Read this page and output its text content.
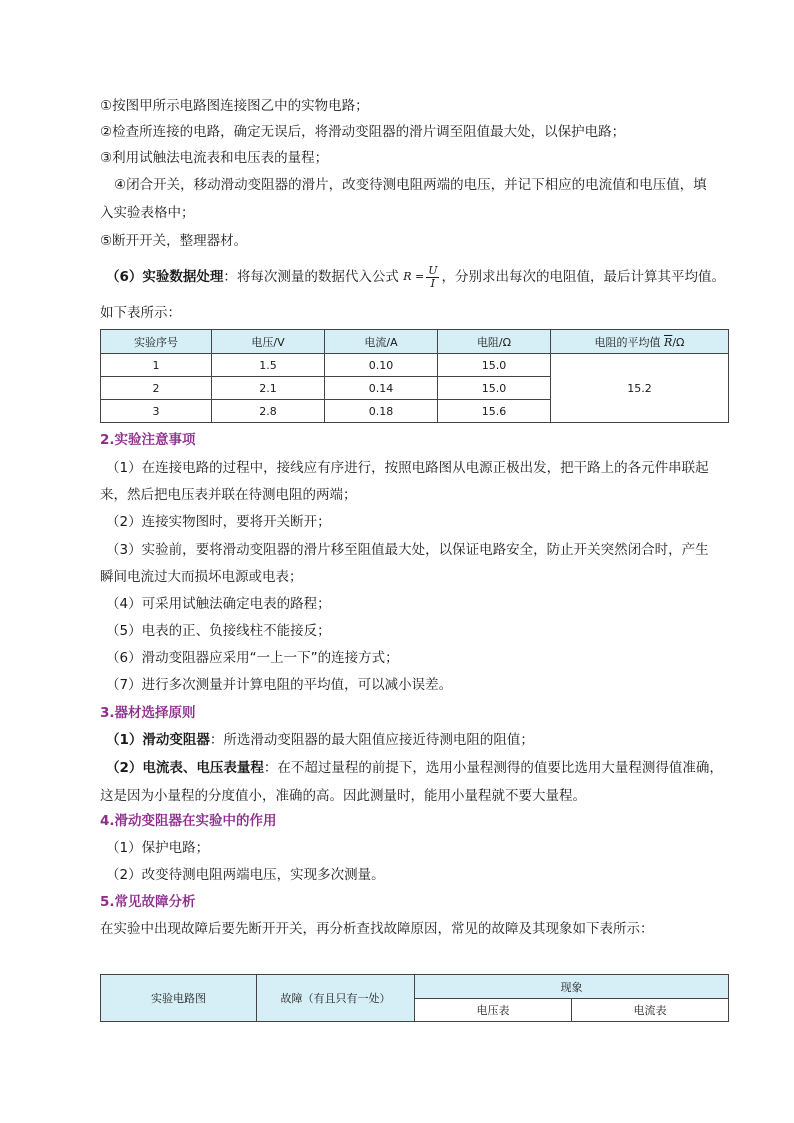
①按图甲所示电路图连接图乙中的实物电路；
②检查所连接的电路，确定无误后，将滑动变阻器的滑片调至阻值最大处，以保护电路；
③利用试触法电流表和电压表的量程；
④闭合开关，移动滑动变阻器的滑片，改变待测电阻两端的电压，并记下相应的电流值和电压值，填
入实验表格中；
⑤断开开关，整理器材。
（6）实验数据处理：将每次测量的数据代入公式 $R = \frac{U}{I}$ ，分别求出每次的电阻值，最后计算其平均值。
如下表所示：
实验序号	电压/V	电流/A	电阻/Ω	电阻的平均值 $\overline{R}/\Omega$
1	1.5	0.10	15.0	15.2
2	2.1	0.14	15.0	
3	2.8	0.18	15.6	
2.实验注意事项
（1）在连接电路的过程中，接线应有序进行，按照电路图从电源正极出发，把干路上的各元件串联起
来，然后把电压表并联在待测电阻的两端；
（2）连接实物图时，要将开关断开；
（3）实验前，要将滑动变阻器的滑片移至阻值最大处，以保证电路安全，防止开关突然闭合时，产生
瞬间电流过大而损坏电源或电表；
（4）可采用试触法确定电表的路程；
（5）电表的正、负接线柱不能接反；
（6）滑动变阻器应采用“一上一下”的连接方式；
（7）进行多次测量并计算电阻的平均值，可以减小误差。
3.器材选择原则
（1）滑动变阻器：所选滑动变阻器的最大阻值应接近待测电阻的阻值；
（2）电流表、电压表量程：在不超过量程的前提下，选用小量程测得的值要比选用大量程测得值准确，
这是因为小量程的分度值小，准确的高。因此测量时，能用小量程就不要大量程。
4.滑动变阻器在实验中的作用
（1）保护电路；
（2）改变待测电阻两端电压，实现多次测量。
5.常见故障分析
在实验中出现故障后要先断开开关，再分析查找故障原因，常见的故障及其现象如下表所示：
实验电路图	故障（有且只有一处）	现象	
		电压表	电流表
